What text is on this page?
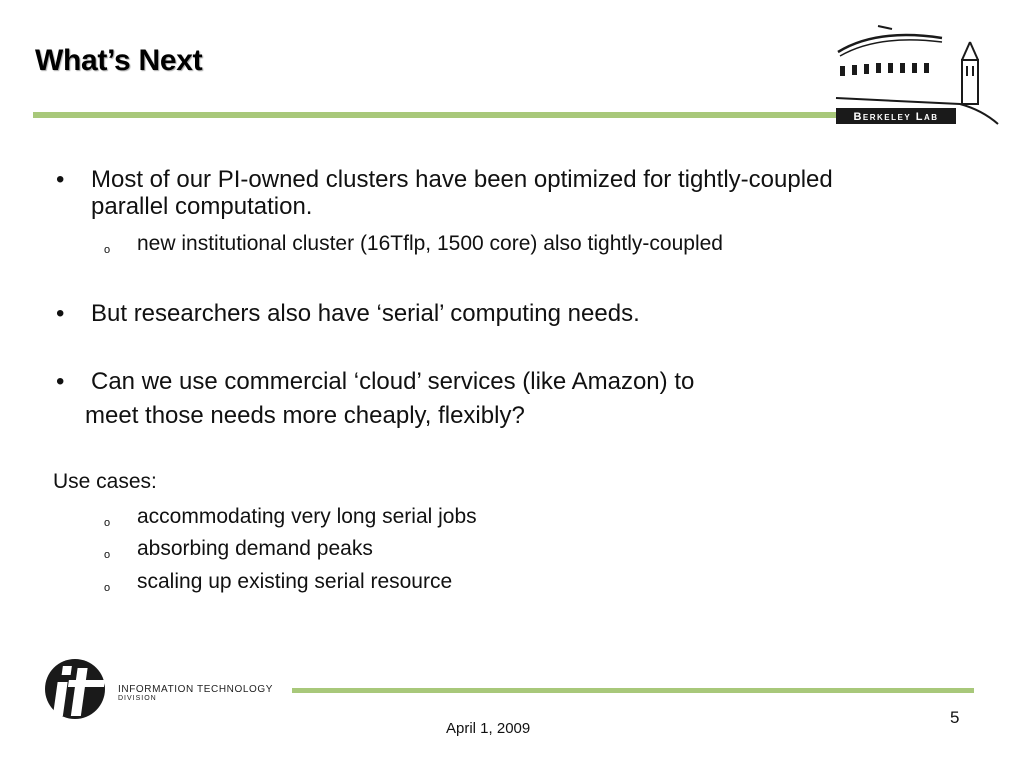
What’s Next
Berkeley Lab
• Most of our PI-owned clusters have been optimized for tightly-coupled
parallel computation.
o new institutional cluster (16Tflp, 1500 core) also tightly-coupled
• But researchers also have ‘serial’ computing needs.
• Can we use commercial ‘cloud’ services (like Amazon) to
meet those needs more cheaply, flexibly?
Use cases:
o accommodating very long serial jobs
o absorbing demand peaks
o scaling up existing serial resource
INFORMATION TECHNOLOGY
DIVISION
5
April 1, 2009
